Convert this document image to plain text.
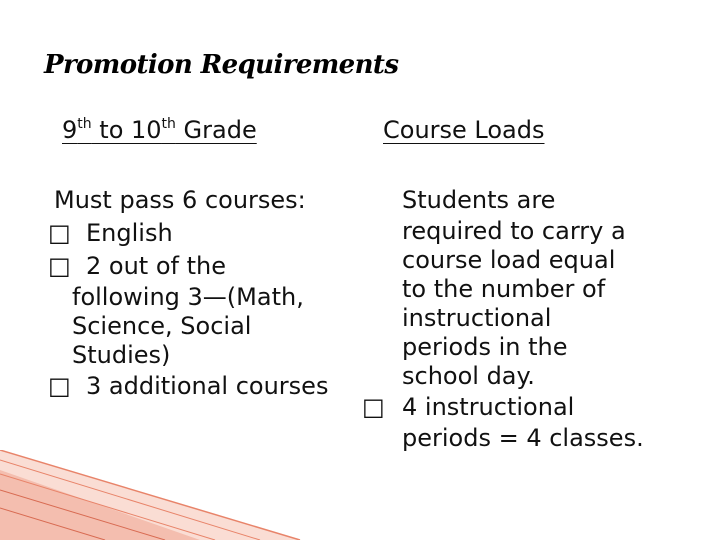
Promotion Requirements
9th to 10th Grade	Course Loads
Must pass 6 courses:
□ English
□ 2 out of the
following 3—(Math,
Science, Social
Studies)
□ 3 additional courses
Students are
required to carry a
course load equal
to the number of
instructional
periods in the
school day.
□ 4 instructional
periods = 4 classes.
